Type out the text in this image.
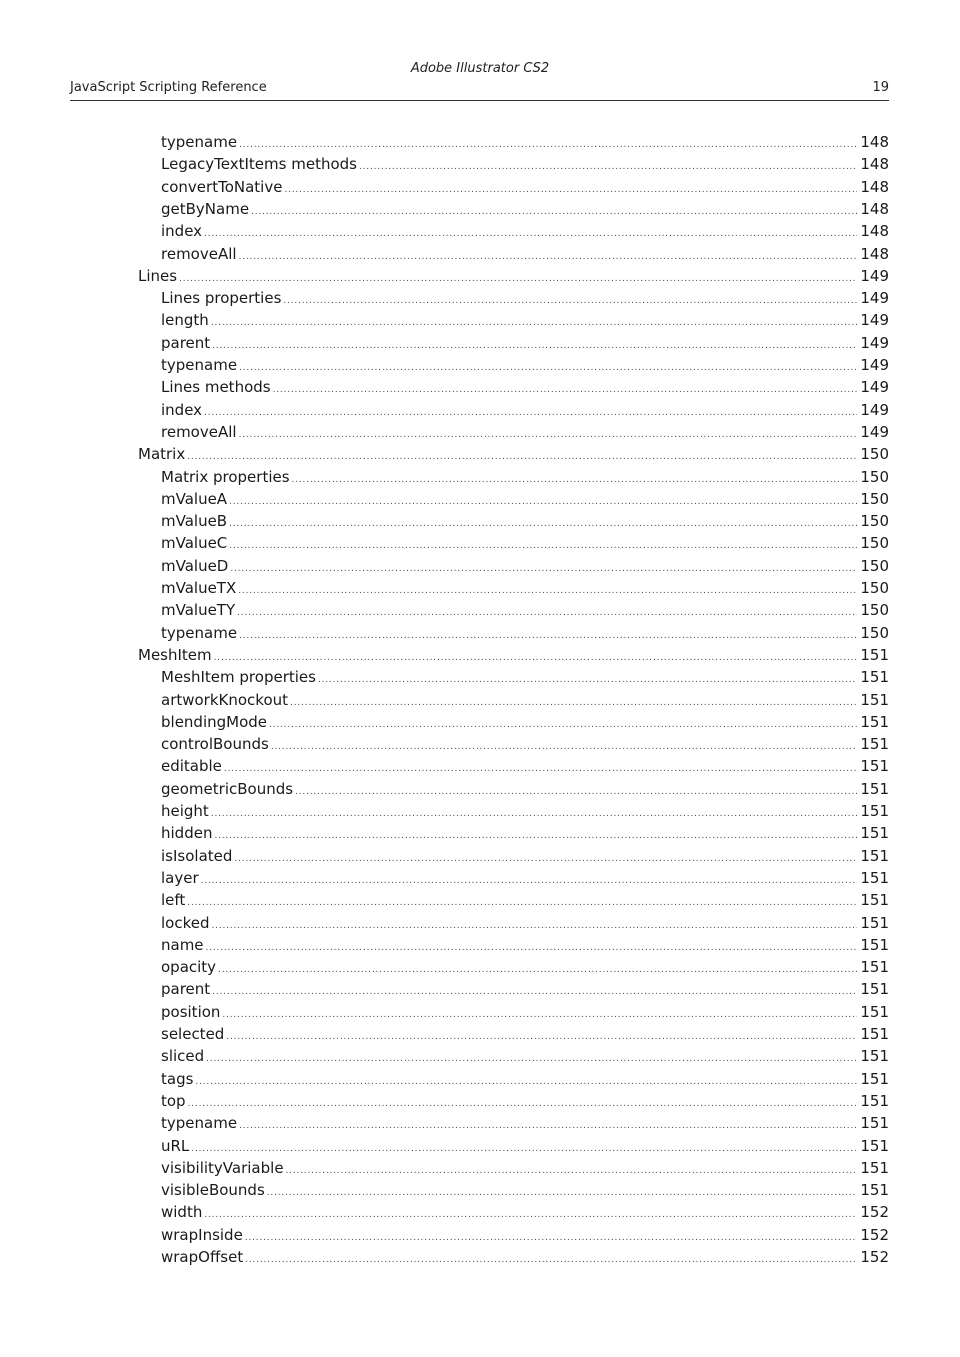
Adobe Illustrator CS2
JavaScript Scripting Reference	19
typename .....	148
LegacyTextItems methods .....	148
convertToNative .....	148
getByName .....	148
index .....	148
removeAll .....	148
Lines .....	149
Lines properties .....	149
length .....	149
parent .....	149
typename .....	149
Lines methods .....	149
index .....	149
removeAll .....	149
Matrix .....	150
Matrix properties .....	150
mValueA .....	150
mValueB .....	150
mValueC .....	150
mValueD .....	150
mValueTX .....	150
mValueTY .....	150
typename .....	150
MeshItem .....	151
MeshItem properties .....	151
artworkKnockout .....	151
blendingMode .....	151
controlBounds .....	151
editable .....	151
geometricBounds .....	151
height .....	151
hidden .....	151
isIsolated .....	151
layer .....	151
left .....	151
locked .....	151
name .....	151
opacity .....	151
parent .....	151
position .....	151
selected .....	151
sliced .....	151
tags .....	151
top .....	151
typename .....	151
uRL .....	151
visibilityVariable .....	151
visibleBounds .....	151
width .....	152
wrapInside .....	152
wrapOffset .....	152
